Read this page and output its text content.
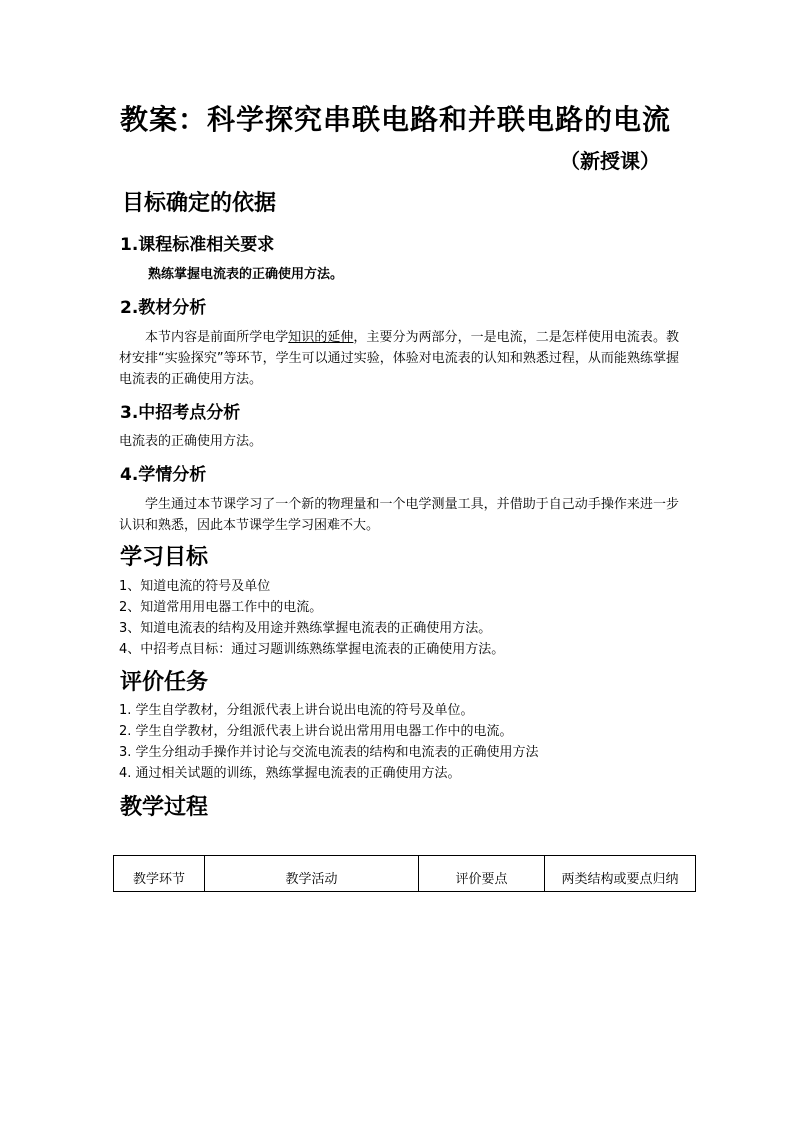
教案：科学探究串联电路和并联电路的电流
（新授课）
目标确定的依据
1.课程标准相关要求
熟练掌握电流表的正确使用方法。
2.教材分析
本节内容是前面所学电学知识的延伸，主要分为两部分，一是电流，二是怎样使用电流表。教材安排“实验探究”等环节，学生可以通过实验，体验对电流表的认知和熟悉过程，从而能熟练掌握电流表的正确使用方法。
3.中招考点分析
电流表的正确使用方法。
4.学情分析
学生通过本节课学习了一个新的物理量和一个电学测量工具，并借助于自己动手操作来进一步认识和熟悉，因此本节课学生学习困难不大。
学习目标
1、知道电流的符号及单位
2、知道常用用电器工作中的电流。
3、知道电流表的结构及用途并熟练掌握电流表的正确使用方法。
4、中招考点目标：通过习题训练熟练掌握电流表的正确使用方法。
评价任务
1. 学生自学教材，分组派代表上讲台说出电流的符号及单位。
2. 学生自学教材，分组派代表上讲台说出常用用电器工作中的电流。
3. 学生分组动手操作并讨论与交流电流表的结构和电流表的正确使用方法
4. 通过相关试题的训练，熟练掌握电流表的正确使用方法。
教学过程
教学环节	教学活动	评价要点	两类结构或要点归纳
